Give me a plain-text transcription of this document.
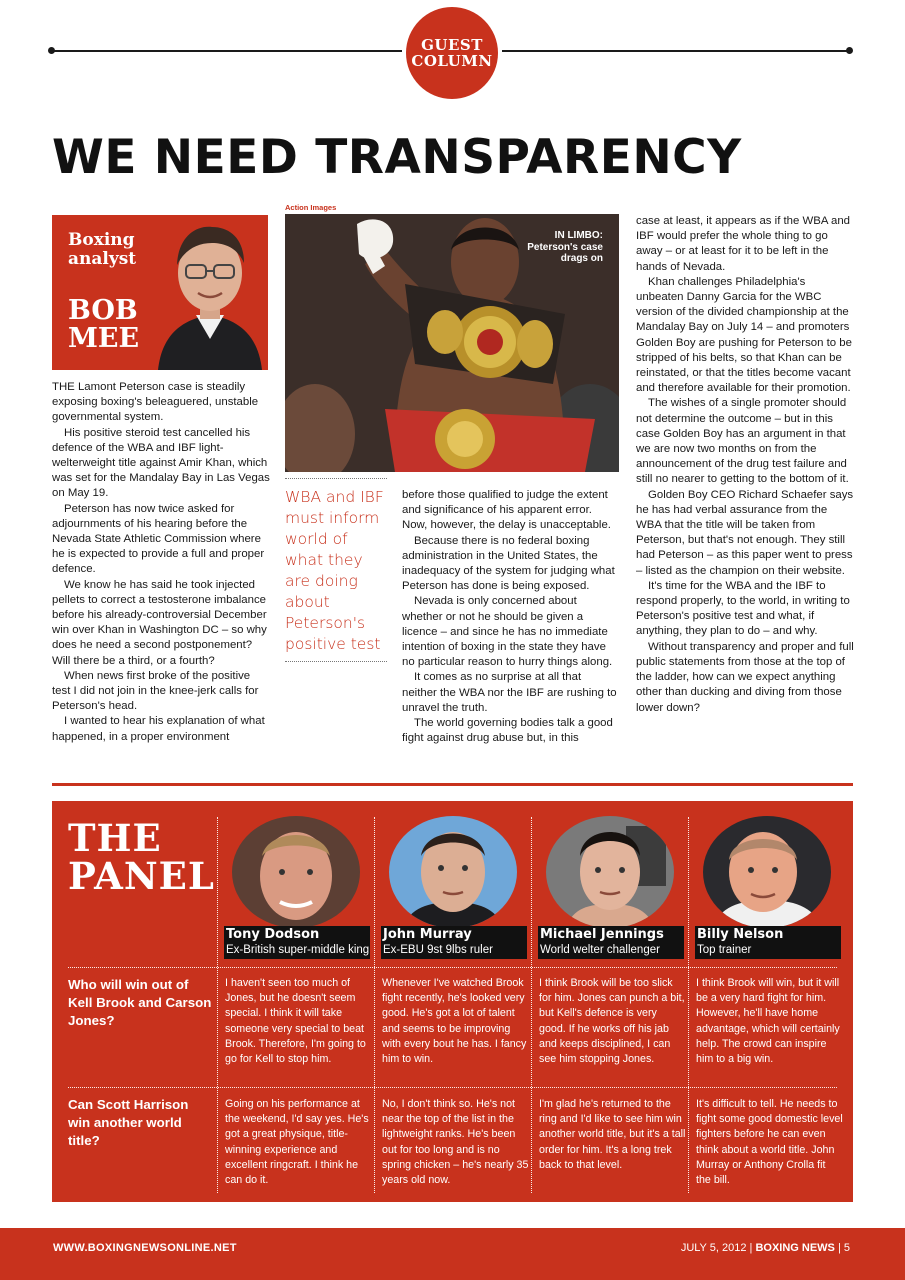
GUEST
COLUMN
WE NEED TRANSPARENCY
Boxing
analyst
BOB
MEE
Action Images
IN LIMBO: Peterson's case drags on

THE Lamont Peterson case is steadily exposing boxing's beleaguered, unstable governmental system.

His positive steroid test cancelled his defence of the WBA and IBF light-welterweight title against Amir Khan, which was set for the Mandalay Bay in Las Vegas on May 19.

Peterson has now twice asked for adjournments of his hearing before the Nevada State Athletic Commission where he is expected to provide a full and proper defence.

We know he has said he took injected pellets to correct a testosterone imbalance before his already-controversial December win over Khan in Washington DC – so why does he need a second postponement? Will there be a third, or a fourth?

When news first broke of the positive test I did not join in the knee-jerk calls for Peterson's head.

I wanted to hear his explanation of what happened, in a proper environment

WBA and IBF must inform world of what they are doing about Peterson's positive test

before those qualified to judge the extent and significance of his apparent error. Now, however, the delay is unacceptable.

Because there is no federal boxing administration in the United States, the inadequacy of the system for judging what Peterson has done is being exposed.

Nevada is only concerned about whether or not he should be given a licence – and since he has no immediate intention of boxing in the state they have no particular reason to hurry things along.

It comes as no surprise at all that neither the WBA nor the IBF are rushing to unravel the truth.

The world governing bodies talk a good fight against drug abuse but, in this

case at least, it appears as if the WBA and IBF would prefer the whole thing to go away – or at least for it to be left in the hands of Nevada.

Khan challenges Philadelphia's unbeaten Danny Garcia for the WBC version of the divided championship at the Mandalay Bay on July 14 – and promoters Golden Boy are pushing for Peterson to be stripped of his belts, so that Khan can be reinstated, or that the titles become vacant and therefore available for their promotion.

The wishes of a single promoter should not determine the outcome – but in this case Golden Boy has an argument in that we are now two months on from the announcement of the drug test failure and still no nearer to getting to the bottom of it.

Golden Boy CEO Richard Schaefer says he has had verbal assurance from the WBA that the title will be taken from Peterson, but that's not enough. They still had Peterson – as this paper went to press – listed as the champion on their website.

It's time for the WBA and the IBF to respond properly, to the world, in writing to Peterson's positive test and what, if anything, they plan to do – and why.

Without transparency and proper and full public statements from those at the top of the ladder, how can we expect anything other than ducking and diving from those lower down?

THE
PANEL
Tony Dodson
Ex-British super-middle king
John Murray
Ex-EBU 9st 9lbs ruler
Michael Jennings
World welter challenger
Billy Nelson
Top trainer
Who will win out of Kell Brook and Carson Jones?
Can Scott Harrison win another world title?
I haven't seen too much of Jones, but he doesn't seem special. I think it will take someone very special to beat Brook. Therefore, I'm going to go for Kell to stop him.
Whenever I've watched Brook fight recently, he's looked very good. He's got a lot of talent and seems to be improving with every bout he has. I fancy him to win.
I think Brook will be too slick for him. Jones can punch a bit, but Kell's defence is very good. If he works off his jab and keeps disciplined, I can see him stopping Jones.
I think Brook will win, but it will be a very hard fight for him. However, he'll have home advantage, which will certainly help. The crowd can inspire him to a big win.
Going on his performance at the weekend, I'd say yes. He's got a great physique, title-winning experience and excellent ringcraft. I think he can do it.
No, I don't think so. He's not near the top of the list in the lightweight ranks. He's been out for too long and is no spring chicken – he's nearly 35 years old now.
I'm glad he's returned to the ring and I'd like to see him win another world title, but it's a tall order for him. It's a long trek back to that level.
It's difficult to tell. He needs to fight some good domestic level fighters before he can even think about a world title. John Murray or Anthony Crolla fit the bill.
WWW.BOXINGNEWSONLINE.NET	JULY 5, 2012 | BOXING NEWS | 5
